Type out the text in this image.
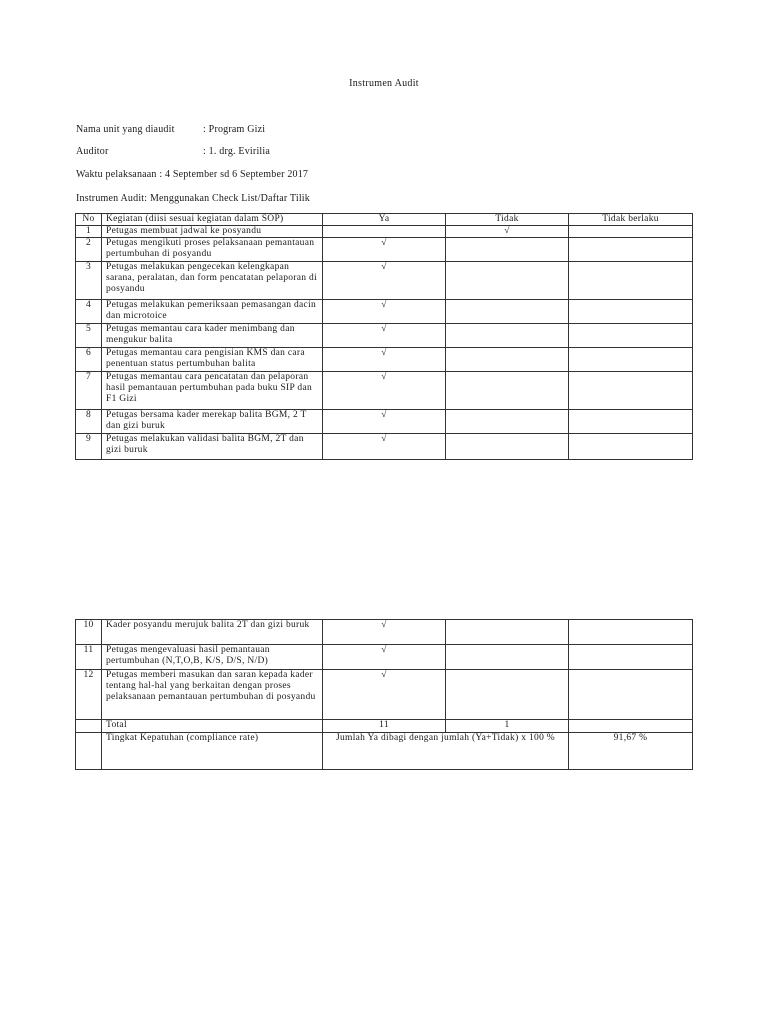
Instrumen Audit
Nama unit yang diaudit	: Program Gizi
Auditor	: 1. drg. Evirilia
Waktu pelaksanaan : 4 September sd 6 September 2017
Instrumen Audit: Menggunakan Check List/Daftar Tilik
No	Kegiatan (diisi sesuai kegiatan dalam SOP)	Ya	Tidak	Tidak berlaku
1	Petugas membuat jadwal ke posyandu		√	
2	Petugas mengikuti proses pelaksanaan pemantauan pertumbuhan di posyandu	√		
3	Petugas melakukan pengecekan kelengkapan sarana, peralatan, dan form pencatatan pelaporan di posyandu	√		
4	Petugas melakukan pemeriksaan pemasangan dacin dan microtoice	√		
5	Petugas memantau cara kader menimbang dan mengukur balita	√		
6	Petugas memantau cara pengisian KMS dan cara penentuan status pertumbuhan balita	√		
7	Petugas memantau cara pencatatan dan pelaporan hasil pemantauan pertumbuhan pada buku SIP dan F1 Gizi	√		
8	Petugas bersama kader merekap balita BGM, 2 T dan gizi buruk	√		
9	Petugas melakukan validasi balita BGM, 2T dan gizi buruk	√		
10	Kader posyandu merujuk balita 2T dan gizi buruk	√		
11	Petugas mengevaluasi hasil pemantauan pertumbuhan (N,T,O,B, K/S, D/S, N/D)	√		
12	Petugas memberi masukan dan saran kepada kader tentang hal-hal yang berkaitan dengan proses pelaksanaan pemantauan pertumbuhan di posyandu	√		
	Total	11	1	
	Tingkat Kepatuhan (compliance rate)	Jumlah Ya dibagi dengan jumlah (Ya+Tidak) x 100 %		91,67 %
